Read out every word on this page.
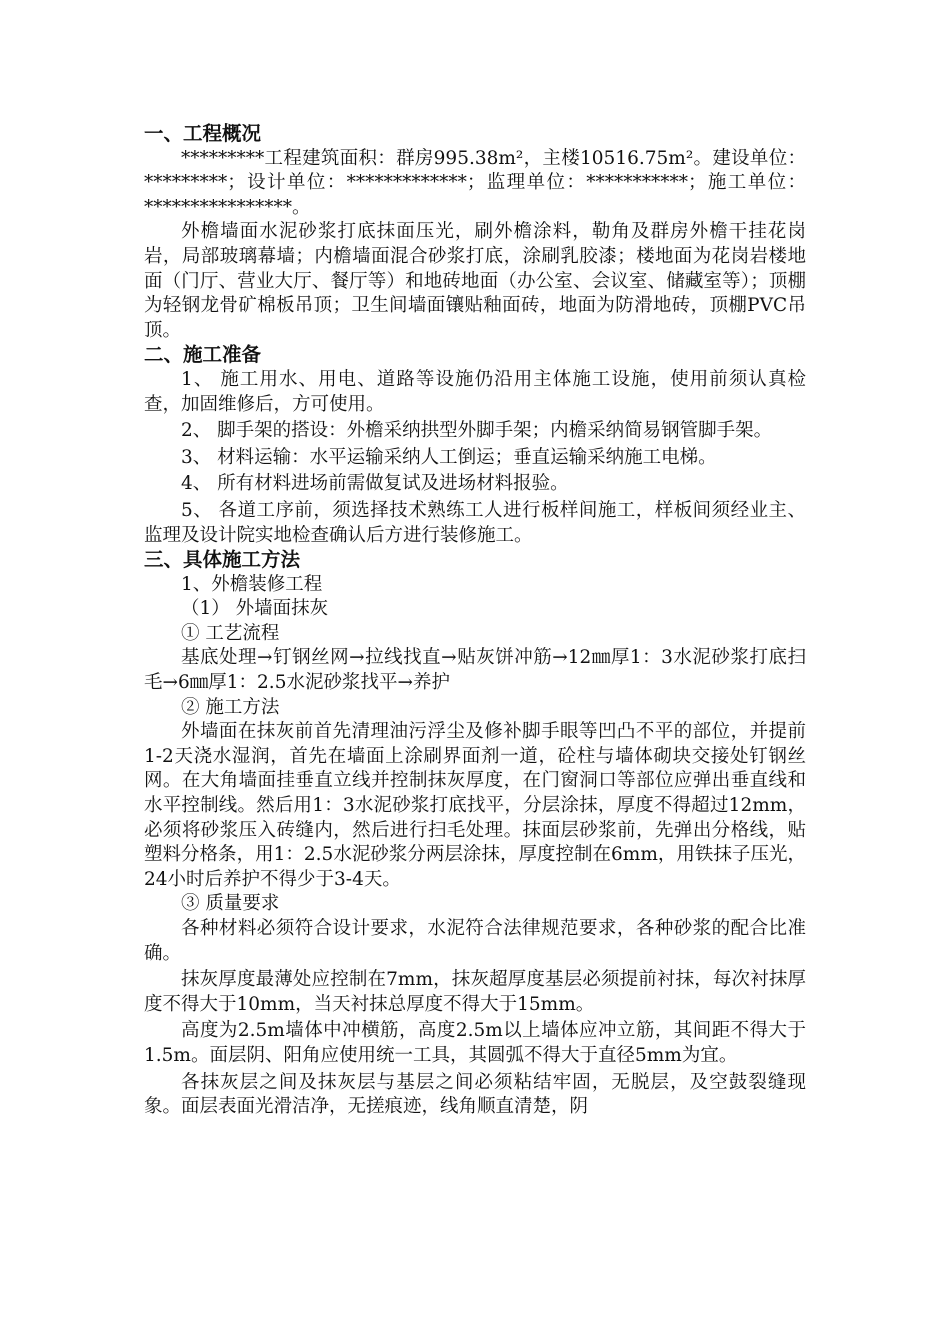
一、工程概况

*********工程建筑面积：群房995.38m²，主楼10516.75m²。建设单位：*********；设计单位：*************；监理单位：***********；施工单位：****************。

外檐墙面水泥砂浆打底抹面压光，刷外檐涂料，勒角及群房外檐干挂花岗岩，局部玻璃幕墙；内檐墙面混合砂浆打底，涂刷乳胶漆；楼地面为花岗岩楼地面（门厅、营业大厅、餐厅等）和地砖地面（办公室、会议室、储藏室等）；顶棚为轻钢龙骨矿棉板吊顶；卫生间墙面镶贴釉面砖，地面为防滑地砖，顶棚PVC吊顶。

二、施工准备

1、 施工用水、用电、道路等设施仍沿用主体施工设施，使用前须认真检查，加固维修后，方可使用。

2、 脚手架的搭设：外檐采纳拱型外脚手架；内檐采纳简易钢管脚手架。

3、 材料运输：水平运输采纳人工倒运；垂直运输采纳施工电梯。

4、 所有材料进场前需做复试及进场材料报验。

5、 各道工序前，须选择技术熟练工人进行板样间施工，样板间须经业主、监理及设计院实地检查确认后方进行装修施工。

三、具体施工方法

1、外檐装修工程

（1） 外墙面抹灰

① 工艺流程

基底处理→钉钢丝网→拉线找直→贴灰饼冲筋→12㎜厚1：3水泥砂浆打底扫毛→6㎜厚1：2.5水泥砂浆找平→养护

② 施工方法

外墙面在抹灰前首先清理油污浮尘及修补脚手眼等凹凸不平的部位，并提前1-2天浇水湿润，首先在墙面上涂刷界面剂一道，砼柱与墙体砌块交接处钉钢丝网。在大角墙面挂垂直立线并控制抹灰厚度，在门窗洞口等部位应弹出垂直线和水平控制线。然后用1：3水泥砂浆打底找平，分层涂抹，厚度不得超过12mm，必须将砂浆压入砖缝内，然后进行扫毛处理。抹面层砂浆前，先弹出分格线，贴塑料分格条，用1：2.5水泥砂浆分两层涂抹，厚度控制在6mm，用铁抹子压光，24小时后养护不得少于3-4天。

③ 质量要求

各种材料必须符合设计要求，水泥符合法律规范要求，各种砂浆的配合比准确。

抹灰厚度最薄处应控制在7mm，抹灰超厚度基层必须提前衬抹，每次衬抹厚度不得大于10mm，当天衬抹总厚度不得大于15mm。

高度为2.5m墙体中冲横筋，高度2.5m以上墙体应冲立筋，其间距不得大于1.5m。面层阴、阳角应使用统一工具，其圆弧不得大于直径5mm为宜。

各抹灰层之间及抹灰层与基层之间必须粘结牢固，无脱层，及空鼓裂缝现象。面层表面光滑洁净，无搓痕迹，线角顺直清楚，阴
